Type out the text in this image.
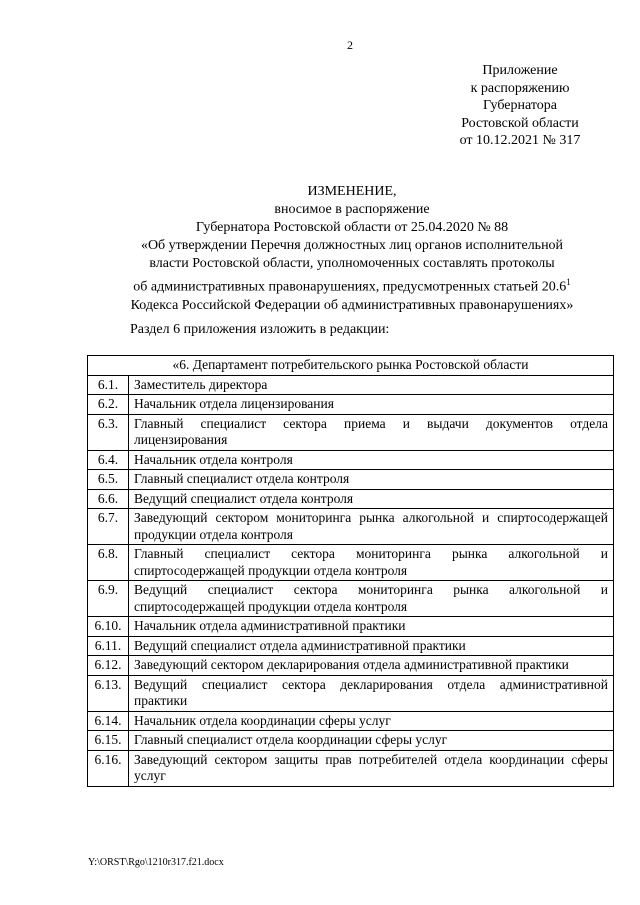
2
Приложение
к распоряжению
Губернатора
Ростовской области
от 10.12.2021 № 317
ИЗМЕНЕНИЕ,
вносимое в распоряжение
Губернатора Ростовской области от 25.04.2020 № 88
«Об утверждении Перечня должностных лиц органов исполнительной
власти Ростовской области, уполномоченных составлять протоколы
об административных правонарушениях, предусмотренных статьей 20.6$^1$
Кодекса Российской Федерации об административных правонарушениях»
Раздел 6 приложения изложить в редакции:
«6. Департамент потребительского рынка Ростовской области	
6.1.	Заместитель директора
6.2.	Начальник отдела лицензирования
6.3.	Главный специалист сектора приема и выдачи документов отдела лицензирования
6.4.	Начальник отдела контроля
6.5.	Главный специалист отдела контроля
6.6.	Ведущий специалист отдела контроля
6.7.	Заведующий сектором мониторинга рынка алкогольной и спиртосодержащей продукции отдела контроля
6.8.	Главный специалист сектора мониторинга рынка алкогольной и спиртосодержащей продукции отдела контроля
6.9.	Ведущий специалист сектора мониторинга рынка алкогольной и спиртосодержащей продукции отдела контроля
6.10.	Начальник отдела административной практики
6.11.	Ведущий специалист отдела административной практики
6.12.	Заведующий сектором декларирования отдела административной практики
6.13.	Ведущий специалист сектора декларирования отдела административной практики
6.14.	Начальник отдела координации сферы услуг
6.15.	Главный специалист отдела координации сферы услуг
6.16.	Заведующий сектором защиты прав потребителей отдела координации сферы услуг
Y:\ORST\Rgo\1210r317.f21.docx
